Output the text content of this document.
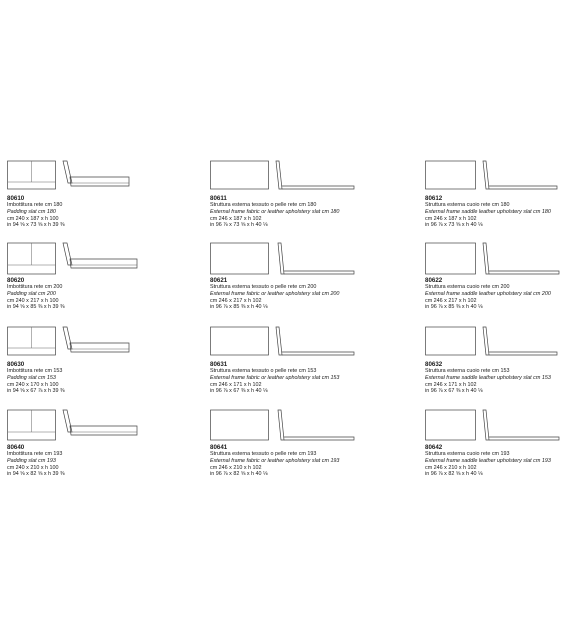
80610
Imbottitura rete cm 180
Padding slat cm 180
cm 240 x 187 x h 100
in 94 ⅝ x 73 ⅝ x h 39 ⅜
80611
Struttura esterna tessuto o pelle rete cm 180
External frame fabric or leather upholstery slat cm 180
cm 246 x 187 x h 102
in 96 ⅞ x 73 ⅝ x h 40 ⅛
80612
Struttura esterna cuoio rete cm 180
External frame saddle leather upholstery slat cm 180
cm 246 x 187 x h 102
in 96 ⅞ x 73 ⅝ x h 40 ⅛
80620
Imbottitura rete cm 200
Padding slat cm 200
cm 240 x 217 x h 100
in 94 ⅝ x 85 ⅜ x h 39 ⅜
80621
Struttura esterna tessuto o pelle rete cm 200
External frame fabric or leather upholstery slat cm 200
cm 246 x 217 x h 102
in 96 ⅞ x 85 ⅜ x h 40 ⅛
80622
Struttura esterna cuoio rete cm 200
External frame saddle leather upholstery slat cm 200
cm 246 x 217 x h 102
in 96 ⅞ x 85 ⅜ x h 40 ⅛
80630
Imbottitura rete cm 153
Padding slat cm 153
cm 240 x 170 x h 100
in 94 ⅝ x 67 ⅞ x h 39 ⅜
80631
Struttura esterna tessuto o pelle rete cm 153
External frame fabric or leather upholstery slat cm 153
cm 246 x 171 x h 102
in 96 ⅞ x 67 ⅜ x h 40 ⅛
80632
Struttura esterna cuoio rete cm 153
External frame saddle leather upholstery slat cm 153
cm 246 x 171 x h 102
in 96 ⅞ x 67 ⅜ x h 40 ⅛
80640
Imbottitura rete cm 193
Padding slat cm 193
cm 240 x 210 x h 100
in 94 ⅝ x 82 ⅝ x h 39 ⅜
80641
Struttura esterna tessuto o pelle rete cm 193
External frame fabric or leather upholstery slat cm 193
cm 246 x 210 x h 102
in 96 ⅞ x 82 ⅝ x h 40 ⅛
80642
Struttura esterna cuoio rete cm 193
External frame saddle leather upholstery slat cm 193
cm 246 x 210 x h 102
in 96 ⅞ x 82 ⅝ x h 40 ⅛
